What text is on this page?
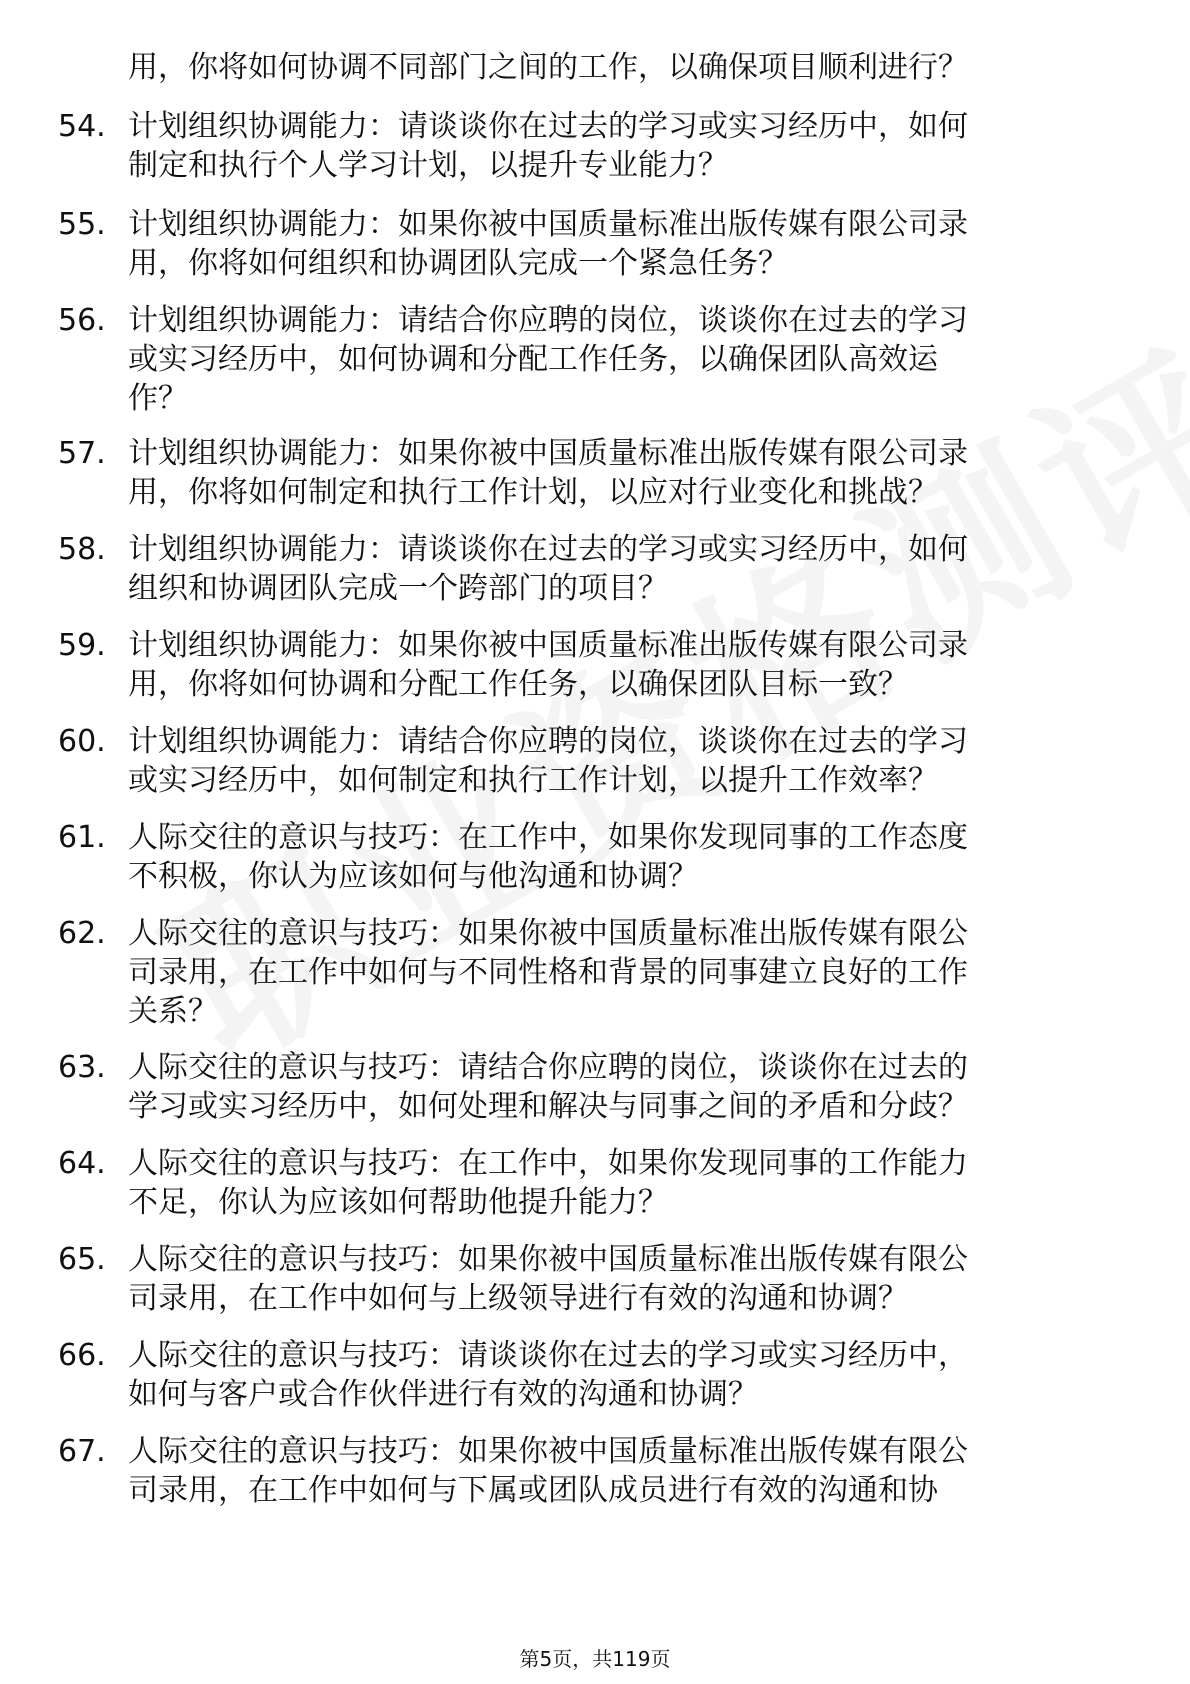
用，你将如何协调不同部门之间的工作，以确保项目顺利进行？
54. 计划组织协调能力：请谈谈你在过去的学习或实习经历中，如何
制定和执行个人学习计划，以提升专业能力？
55. 计划组织协调能力：如果你被中国质量标准出版传媒有限公司录
用，你将如何组织和协调团队完成一个紧急任务？
56. 计划组织协调能力：请结合你应聘的岗位，谈谈你在过去的学习
或实习经历中，如何协调和分配工作任务，以确保团队高效运
作？
57. 计划组织协调能力：如果你被中国质量标准出版传媒有限公司录
用，你将如何制定和执行工作计划，以应对行业变化和挑战？
58. 计划组织协调能力：请谈谈你在过去的学习或实习经历中，如何
组织和协调团队完成一个跨部门的项目？
59. 计划组织协调能力：如果你被中国质量标准出版传媒有限公司录
用，你将如何协调和分配工作任务，以确保团队目标一致？
60. 计划组织协调能力：请结合你应聘的岗位，谈谈你在过去的学习
或实习经历中，如何制定和执行工作计划，以提升工作效率？
61. 人际交往的意识与技巧：在工作中，如果你发现同事的工作态度
不积极，你认为应该如何与他沟通和协调？
62. 人际交往的意识与技巧：如果你被中国质量标准出版传媒有限公
司录用，在工作中如何与不同性格和背景的同事建立良好的工作
关系？
63. 人际交往的意识与技巧：请结合你应聘的岗位，谈谈你在过去的
学习或实习经历中，如何处理和解决与同事之间的矛盾和分歧？
64. 人际交往的意识与技巧：在工作中，如果你发现同事的工作能力
不足，你认为应该如何帮助他提升能力？
65. 人际交往的意识与技巧：如果你被中国质量标准出版传媒有限公
司录用，在工作中如何与上级领导进行有效的沟通和协调？
66. 人际交往的意识与技巧：请谈谈你在过去的学习或实习经历中，
如何与客户或合作伙伴进行有效的沟通和协调？
67. 人际交往的意识与技巧：如果你被中国质量标准出版传媒有限公
司录用，在工作中如何与下属或团队成员进行有效的沟通和协
第5页，共119页
